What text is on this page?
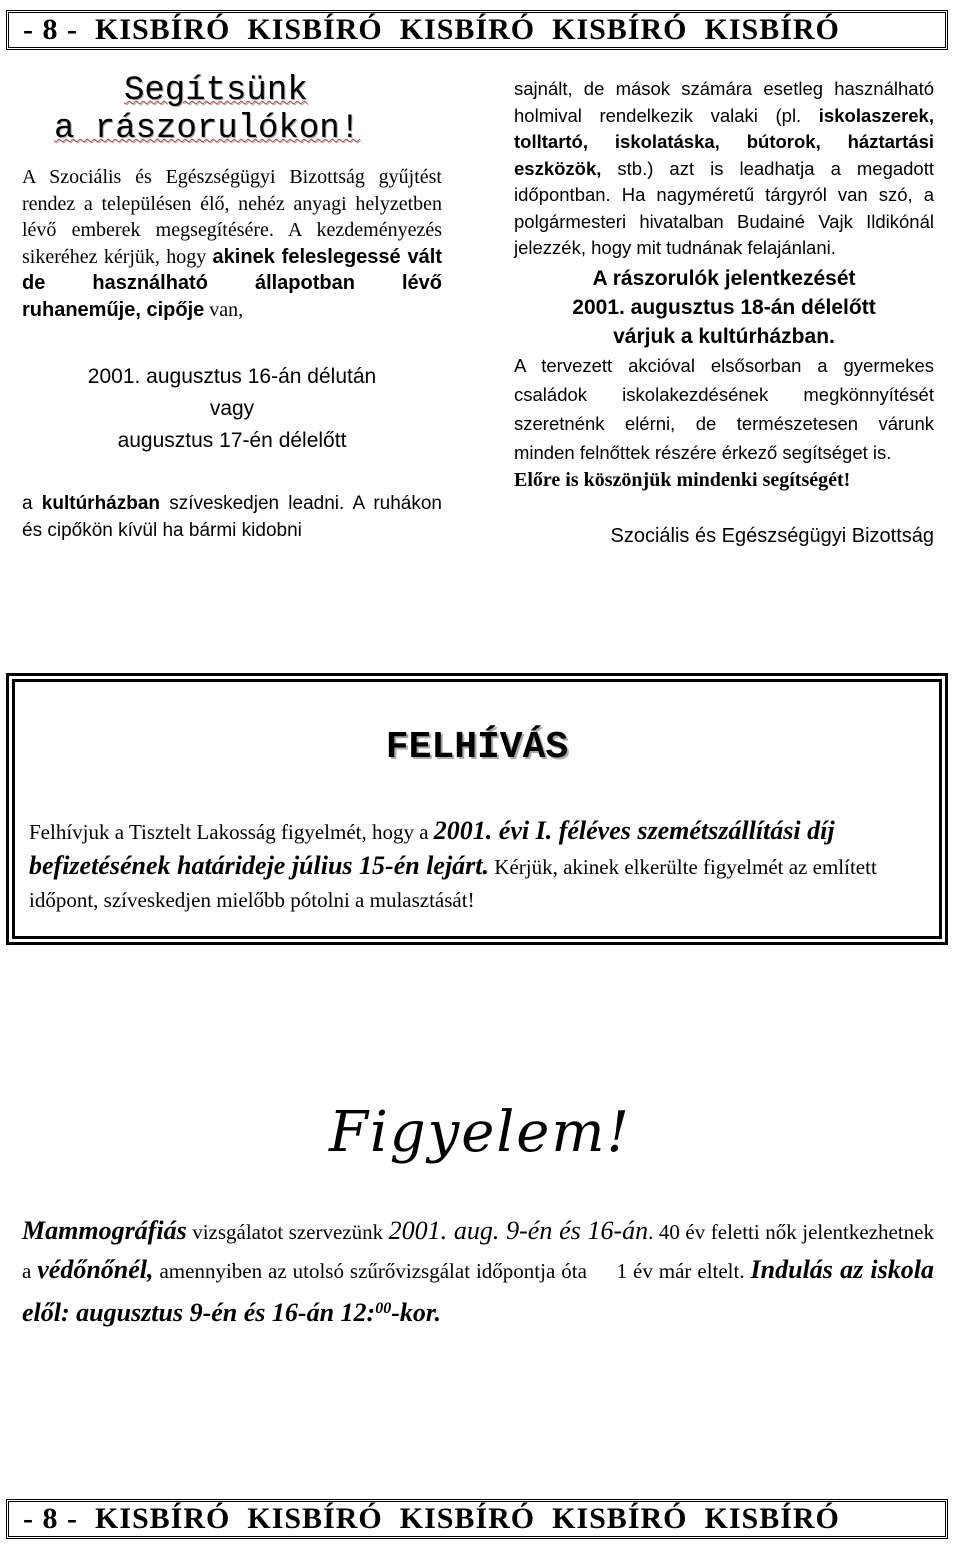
- 8 -  KISBÍRÓ  KISBÍRÓ  KISBÍRÓ  KISBÍRÓ  KISBÍRÓ

Segítsünk

a rászorulókon!

A Szociális és Egészségügyi Bizottság gyűjtést rendez a településen élő, nehéz anyagi helyzetben lévő emberek megsegítésére. A kezdeményezés sikeréhez kérjük, hogy akinek feleslegessé vált de használható állapotban lévő ruhaneműje, cipője van,

2001. augusztus 16-án délután

vagy

augusztus 17-én délelőtt

a kultúrházban szíveskedjen leadni. A ruhákon és cipőkön kívül ha bármi kidobni

sajnált, de mások számára esetleg használható holmival rendelkezik valaki (pl. iskolaszerek, tolltartó, iskolatáska, bútorok, háztartási eszközök, stb.) azt is leadhatja a megadott időpontban. Ha nagyméretű tárgyról van szó, a polgármesteri hivatalban Budainé Vajk Ildikónál jelezzék, hogy mit tudnának felajánlani.

A rászorulók jelentkezését

2001. augusztus 18-án délelőtt

várjuk a kultúrházban.

A tervezett akcióval elsősorban a gyermekes családok iskolakezdésének megkönnyítését szeretnénk elérni, de természetesen várunk minden felnőttek részére érkező segítséget is.

Előre is köszönjük mindenki segítségét!

Szociális és Egészségügyi Bizottság

FELHÍVÁS
Felhívjuk a Tisztelt Lakosság figyelmét, hogy a 2001. évi I. féléves szemétszállítási díj befizetésének határideje július 15-én lejárt. Kérjük, akinek elkerülte figyelmét az említett időpont, szíveskedjen mielőbb pótolni a mulasztását!
Figyelem!
Mammográfiás vizsgálatot szervezünk 2001. aug. 9-én és 16-án. 40 év feletti nők jelentkezhetnek a védőnőnél, amennyiben az utolsó szűrővizsgálat időpontja óta     1 év már eltelt. Indulás az iskola elől: augusztus 9-én és 16-án 12:$^{00}$-kor.
- 8 -  KISBÍRÓ  KISBÍRÓ  KISBÍRÓ  KISBÍRÓ  KISBÍRÓ
